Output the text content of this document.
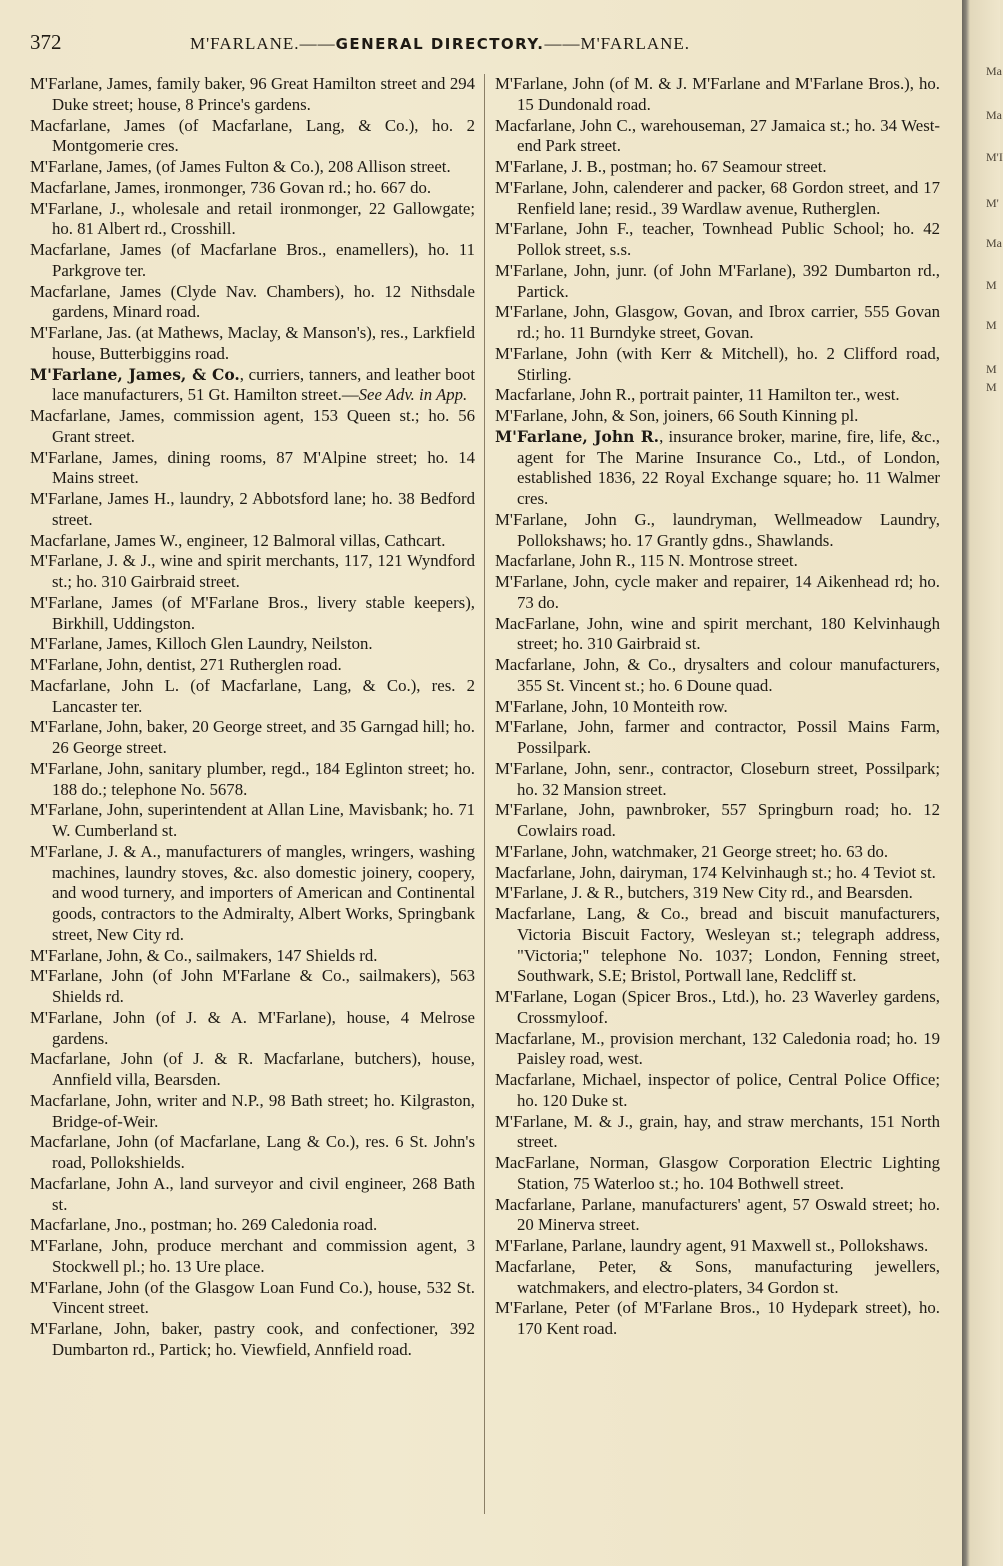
Ma
Ma
M'I
M'
Ma
M
M
M
M
372	M'FARLANE.——GENERAL DIRECTORY.——M'FARLANE.
M'Farlane, James, family baker, 96 Great Hamilton street and 294 Duke street; house, 8 Prince's gardens.
Macfarlane, James (of Macfarlane, Lang, & Co.), ho. 2 Montgomerie cres.
M'Farlane, James, (of James Fulton & Co.), 208 Allison street.
Macfarlane, James, ironmonger, 736 Govan rd.; ho. 667 do.
M'Farlane, J., wholesale and retail ironmonger, 22 Gallowgate; ho. 81 Albert rd., Crosshill.
Macfarlane, James (of Macfarlane Bros., enamellers), ho. 11 Parkgrove ter.
Macfarlane, James (Clyde Nav. Chambers), ho. 12 Nithsdale gardens, Minard road.
M'Farlane, Jas. (at Mathews, Maclay, & Manson's), res., Larkfield house, Butterbiggins road.
M'Farlane, James, & Co., curriers, tanners, and leather boot lace manufacturers, 51 Gt. Hamilton street.—See Adv. in App.
Macfarlane, James, commission agent, 153 Queen st.; ho. 56 Grant street.
M'Farlane, James, dining rooms, 87 M'Alpine street; ho. 14 Mains street.
M'Farlane, James H., laundry, 2 Abbotsford lane; ho. 38 Bedford street.
Macfarlane, James W., engineer, 12 Balmoral villas, Cathcart.
M'Farlane, J. & J., wine and spirit merchants, 117, 121 Wyndford st.; ho. 310 Gairbraid street.
M'Farlane, James (of M'Farlane Bros., livery stable keepers), Birkhill, Uddingston.
M'Farlane, James, Killoch Glen Laundry, Neilston.
M'Farlane, John, dentist, 271 Rutherglen road.
Macfarlane, John L. (of Macfarlane, Lang, & Co.), res. 2 Lancaster ter.
M'Farlane, John, baker, 20 George street, and 35 Garngad hill; ho. 26 George street.
M'Farlane, John, sanitary plumber, regd., 184 Eglinton street; ho. 188 do.; telephone No. 5678.
M'Farlane, John, superintendent at Allan Line, Mavisbank; ho. 71 W. Cumberland st.
M'Farlane, J. & A., manufacturers of mangles, wringers, washing machines, laundry stoves, &c. also domestic joinery, coopery, and wood turnery, and importers of American and Continental goods, contractors to the Admiralty, Albert Works, Springbank street, New City rd.
M'Farlane, John, & Co., sailmakers, 147 Shields rd.
M'Farlane, John (of John M'Farlane & Co., sailmakers), 563 Shields rd.
M'Farlane, John (of J. & A. M'Farlane), house, 4 Melrose gardens.
Macfarlane, John (of J. & R. Macfarlane, butchers), house, Annfield villa, Bearsden.
Macfarlane, John, writer and N.P., 98 Bath street; ho. Kilgraston, Bridge-of-Weir.
Macfarlane, John (of Macfarlane, Lang & Co.), res. 6 St. John's road, Pollokshields.
Macfarlane, John A., land surveyor and civil engineer, 268 Bath st.
Macfarlane, Jno., postman; ho. 269 Caledonia road.
M'Farlane, John, produce merchant and commission agent, 3 Stockwell pl.; ho. 13 Ure place.
M'Farlane, John (of the Glasgow Loan Fund Co.), house, 532 St. Vincent street.
M'Farlane, John, baker, pastry cook, and confectioner, 392 Dumbarton rd., Partick; ho. Viewfield, Annfield road.
M'Farlane, John (of M. & J. M'Farlane and M'Farlane Bros.), ho. 15 Dundonald road.
Macfarlane, John C., warehouseman, 27 Jamaica st.; ho. 34 West-end Park street.
M'Farlane, J. B., postman; ho. 67 Seamour street.
M'Farlane, John, calenderer and packer, 68 Gordon street, and 17 Renfield lane; resid., 39 Wardlaw avenue, Rutherglen.
M'Farlane, John F., teacher, Townhead Public School; ho. 42 Pollok street, s.s.
M'Farlane, John, junr. (of John M'Farlane), 392 Dumbarton rd., Partick.
M'Farlane, John, Glasgow, Govan, and Ibrox carrier, 555 Govan rd.; ho. 11 Burndyke street, Govan.
M'Farlane, John (with Kerr & Mitchell), ho. 2 Clifford road, Stirling.
Macfarlane, John R., portrait painter, 11 Hamilton ter., west.
M'Farlane, John, & Son, joiners, 66 South Kinning pl.
M'Farlane, John R., insurance broker, marine, fire, life, &c., agent for The Marine Insurance Co., Ltd., of London, established 1836, 22 Royal Exchange square; ho. 11 Walmer cres.
M'Farlane, John G., laundryman, Wellmeadow Laundry, Pollokshaws; ho. 17 Grantly gdns., Shawlands.
Macfarlane, John R., 115 N. Montrose street.
M'Farlane, John, cycle maker and repairer, 14 Aikenhead rd; ho. 73 do.
MacFarlane, John, wine and spirit merchant, 180 Kelvinhaugh street; ho. 310 Gairbraid st.
Macfarlane, John, & Co., drysalters and colour manufacturers, 355 St. Vincent st.; ho. 6 Doune quad.
M'Farlane, John, 10 Monteith row.
M'Farlane, John, farmer and contractor, Possil Mains Farm, Possilpark.
M'Farlane, John, senr., contractor, Closeburn street, Possilpark; ho. 32 Mansion street.
M'Farlane, John, pawnbroker, 557 Springburn road; ho. 12 Cowlairs road.
M'Farlane, John, watchmaker, 21 George street; ho. 63 do.
Macfarlane, John, dairyman, 174 Kelvinhaugh st.; ho. 4 Teviot st.
M'Farlane, J. & R., butchers, 319 New City rd., and Bearsden.
Macfarlane, Lang, & Co., bread and biscuit manufacturers, Victoria Biscuit Factory, Wesleyan st.; telegraph address, "Victoria;" telephone No. 1037; London, Fenning street, Southwark, S.E; Bristol, Portwall lane, Redcliff st.
M'Farlane, Logan (Spicer Bros., Ltd.), ho. 23 Waverley gardens, Crossmyloof.
Macfarlane, M., provision merchant, 132 Caledonia road; ho. 19 Paisley road, west.
Macfarlane, Michael, inspector of police, Central Police Office; ho. 120 Duke st.
M'Farlane, M. & J., grain, hay, and straw merchants, 151 North street.
MacFarlane, Norman, Glasgow Corporation Electric Lighting Station, 75 Waterloo st.; ho. 104 Bothwell street.
Macfarlane, Parlane, manufacturers' agent, 57 Oswald street; ho. 20 Minerva street.
M'Farlane, Parlane, laundry agent, 91 Maxwell st., Pollokshaws.
Macfarlane, Peter, & Sons, manufacturing jewellers, watchmakers, and electro-platers, 34 Gordon st.
M'Farlane, Peter (of M'Farlane Bros., 10 Hydepark street), ho. 170 Kent road.
